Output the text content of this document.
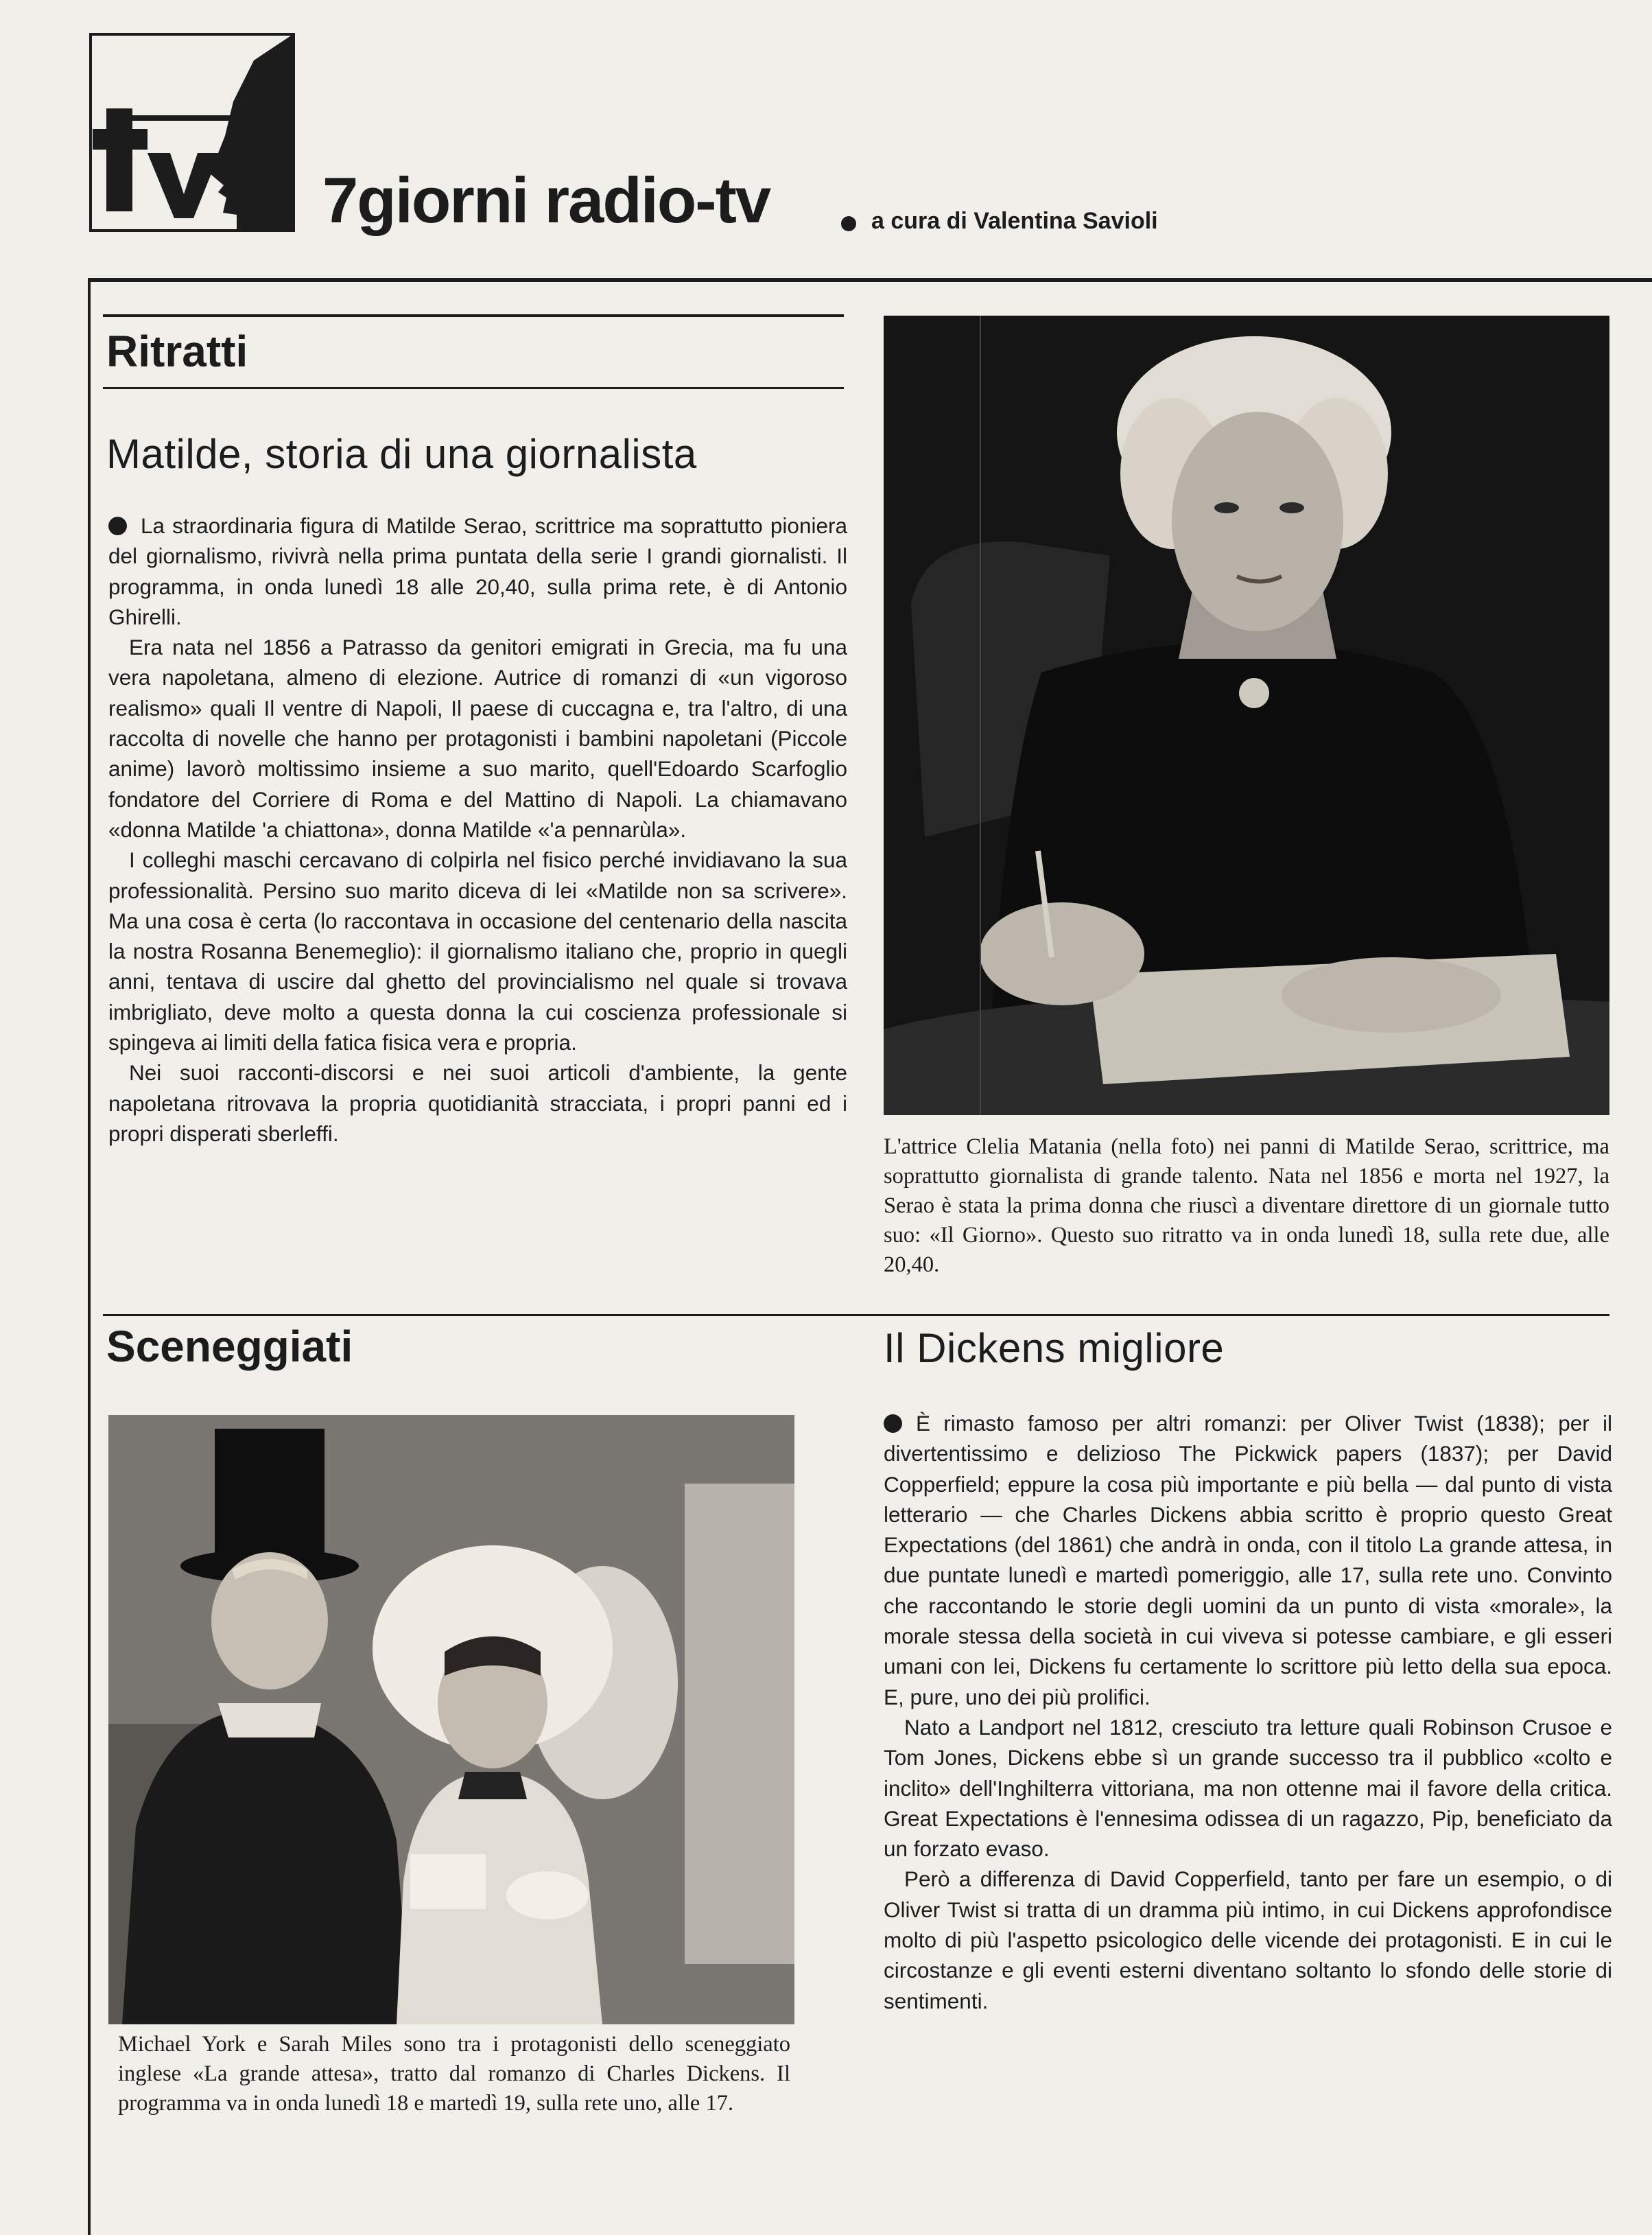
7giorni radio-tv	a cura di Valentina Savioli
Ritratti
Matilde, storia di una giornalista

La straordinaria figura di Matilde Serao, scrittrice ma soprattutto pioniera del giornalismo, rivivrà nella prima puntata della serie I grandi giornalisti. Il programma, in onda lunedì 18 alle 20,40, sulla prima rete, è di Antonio Ghirelli.

Era nata nel 1856 a Patrasso da genitori emigrati in Grecia, ma fu una vera napoletana, almeno di elezione. Autrice di romanzi di «un vigoroso realismo» quali Il ventre di Napoli, Il paese di cuccagna e, tra l'altro, di una raccolta di novelle che hanno per protagonisti i bambini napoletani (Piccole anime) lavorò moltissimo insieme a suo marito, quell'Edoardo Scarfoglio fondatore del Corriere di Roma e del Mattino di Napoli. La chiamavano «donna Matilde 'a chiattona», donna Matilde «'a pennarùla».

I colleghi maschi cercavano di colpirla nel fisico perché invidiavano la sua professionalità. Persino suo marito diceva di lei «Matilde non sa scrivere». Ma una cosa è certa (lo raccontava in occasione del centenario della nascita la nostra Rosanna Benemeglio): il giornalismo italiano che, proprio in quegli anni, tentava di uscire dal ghetto del provincialismo nel quale si trovava imbrigliato, deve molto a questa donna la cui coscienza professionale si spingeva ai limiti della fatica fisica vera e propria.

Nei suoi racconti-discorsi e nei suoi articoli d'ambiente, la gente napoletana ritrovava la propria quotidianità stracciata, i propri panni ed i propri disperati sberleffi.

L'attrice Clelia Matania (nella foto) nei panni di Matilde Serao, scrittrice, ma soprattutto giornalista di grande talento. Nata nel 1856 e morta nel 1927, la Serao è stata la prima donna che riuscì a diventare direttore di un giornale tutto suo: «Il Giorno». Questo suo ritratto va in onda lunedì 18, sulla rete due, alle 20,40.
Sceneggiati
Michael York e Sarah Miles sono tra i protagonisti dello sceneggiato inglese «La grande attesa», tratto dal romanzo di Charles Dickens. Il programma va in onda lunedì 18 e martedì 19, sulla rete uno, alle 17.
Il Dickens migliore

È rimasto famoso per altri romanzi: per Oliver Twist (1838); per il divertentissimo e delizioso The Pickwick papers (1837); per David Copperfield; eppure la cosa più importante e più bella — dal punto di vista letterario — che Charles Dickens abbia scritto è proprio questo Great Expectations (del 1861) che andrà in onda, con il titolo La grande attesa, in due puntate lunedì e martedì pomeriggio, alle 17, sulla rete uno. Convinto che raccontando le storie degli uomini da un punto di vista «morale», la morale stessa della società in cui viveva si potesse cambiare, e gli esseri umani con lei, Dickens fu certamente lo scrittore più letto della sua epoca. E, pure, uno dei più prolifici.

Nato a Landport nel 1812, cresciuto tra letture quali Robinson Crusoe e Tom Jones, Dickens ebbe sì un grande successo tra il pubblico «colto e inclito» dell'Inghilterra vittoriana, ma non ottenne mai il favore della critica. Great Expectations è l'ennesima odissea di un ragazzo, Pip, beneficiato da un forzato evaso.

Però a differenza di David Copperfield, tanto per fare un esempio, o di Oliver Twist si tratta di un dramma più intimo, in cui Dickens approfondisce molto di più l'aspetto psicologico delle vicende dei protagonisti. E in cui le circostanze e gli eventi esterni diventano soltanto lo sfondo delle storie di sentimenti.
